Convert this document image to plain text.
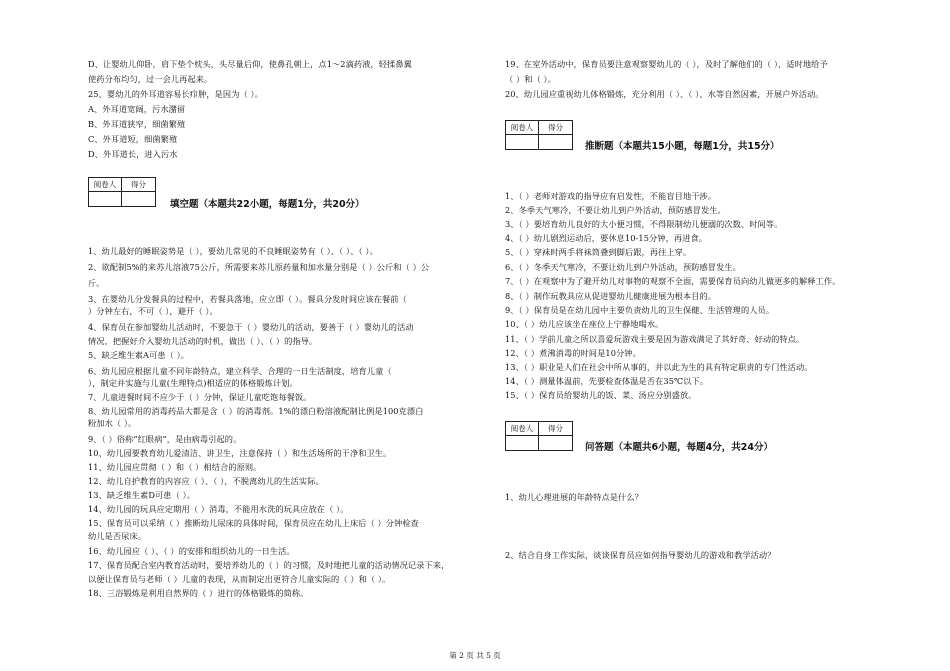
D、让婴幼儿仰卧，肩下垫个枕头，头尽量后仰，使鼻孔朝上，点1～2滴药液，轻揉鼻翼
使药分布均匀，过一会儿再起来。
25、婴幼儿的外耳道容易长疖肿，是因为（ ）。
A、外耳道宽阔，污水潴留
B、外耳道狭窄，细菌繁殖
C、外耳道短，细菌繁殖
D、外耳道长，进入污水
阅卷人	得分
填空题（本题共22小题，每题1分，共20分）
1、幼儿最好的睡眠姿势是（ ），要幼儿常见的不良睡眠姿势有（ ）、（ ）、（ ）。
2、欲配制5%的来苏儿溶液75公斤，所需要来苏儿原药量和加水量分别是（ ）公斤和（ ）公
斤。
3、在婴幼儿分发餐具的过程中，若餐具落地，应立即（ ）。餐具分发时间应该在餐前（
）分钟左右，不可（ ），避开（ ）。
4、保育员在参加婴幼儿活动时，不要急于（ ）婴幼儿的活动，要善于（ ）婴幼儿的活动
情况，把握好介入婴幼儿活动的时机，做出（ ）、（ ）的指导。
5、缺乏维生素A可患（ ）。
6、幼儿园应根据儿童不同年龄特点，建立科学、合理的一日生活制度，培育儿童（
），制定并实施与儿童(生理特点)相适应的体格锻炼计划。
7、儿童进餐时间不应少于（ ）分钟，保证儿童吃饱每餐饭。
8、幼儿园常用的消毒药品大都是含（ ）的消毒剂。1%的漂白粉溶液配制比例是100克漂白
粉加水（ ）。
9、（ ）俗称“红眼病”，是由病毒引起的。
10、幼儿园要教育幼儿爱清洁、讲卫生，注意保持（ ）和生活场所的干净和卫生。
11、幼儿园应贯彻（ ）和（ ）相结合的原则。
12、幼儿自护教育的内容应（ ）、（ ），不脱离幼儿的生活实际。
13、缺乏维生素D可患（ ）。
14、幼儿园的玩具应定期用（ ）消毒，不能用水洗的玩具应放在（ ）。
15、保育员可以采纳（ ）推断幼儿尿床的具体时间，保育员应在幼儿上床后（ ）分钟检查
幼儿是否尿床。
16、幼儿园应（ ）、（ ）的安排和组织幼儿的一日生活。
17、保育员配合室内教育活动时，要培养幼儿的（ ）的习惯，及时地把儿童的活动情况记录下来，
以便让保育员与老师（ ）儿童的表现，从而制定出更符合儿童实际的（ ）和（ ）。
18、三浴锻炼是利用自然界的（ ）进行的体格锻炼的简称。
19、在室外活动中，保育员要注意观察婴幼儿的（ ），及时了解他们的（ ），适时地给予
（ ）和（ ）。
20、幼儿园应重视幼儿体格锻炼，充分利用（ ）、（ ）、水等自然因素，开展户外活动。
阅卷人	得分
推断题（本题共15小题，每题1分，共15分）
1、（ ）老师对游戏的指导应有启发性，不能盲目地干涉。
2、冬季天气寒冷，不要让幼儿到户外活动，预防感冒发生。
3、（ ）要培育幼儿良好的大小便习惯，不得限制幼儿便溺的次数、时间等。
4、（ ）幼儿剧烈运动后，要休息10-15分钟，再进食。
5、（ ）穿袜时两手将袜筒叠到脚后跟，再往上穿。
6、（ ）冬季天气寒冷，不要让幼儿到户外活动，预防感冒发生。
7、（ ）在观察中为了避开幼儿对事物的观察不全面，需要保育员向幼儿做更多的解释工作。
8、（ ）制作玩教具应从促进婴幼儿健康进展为根本目的。
9、（ ）保育员是在幼儿园中主要负责幼儿的卫生保健、生活管理的人员。
10、（ ）幼儿应该坐在座位上宁静地喝水。
11、（ ）学前儿童之所以喜爱玩游戏主要是因为游戏满足了其好奇、好动的特点。
12、（ ）煮沸消毒的时间是10分钟。
13、（ ）职业是人们在社会中所从事的，并以此为生的具有特定职责的专门性活动。
14、（ ）测量体温前，先要检查体温是否在35℃以下。
15、（ ）保育员给婴幼儿的饭、菜、汤应分别盛放。
阅卷人	得分
问答题（本题共6小题，每题4分，共24分）
1、幼儿心理进展的年龄特点是什么？
2、结合自身工作实际，谈谈保育员应如何指导婴幼儿的游戏和教学活动？
第 2 页 共 5 页
